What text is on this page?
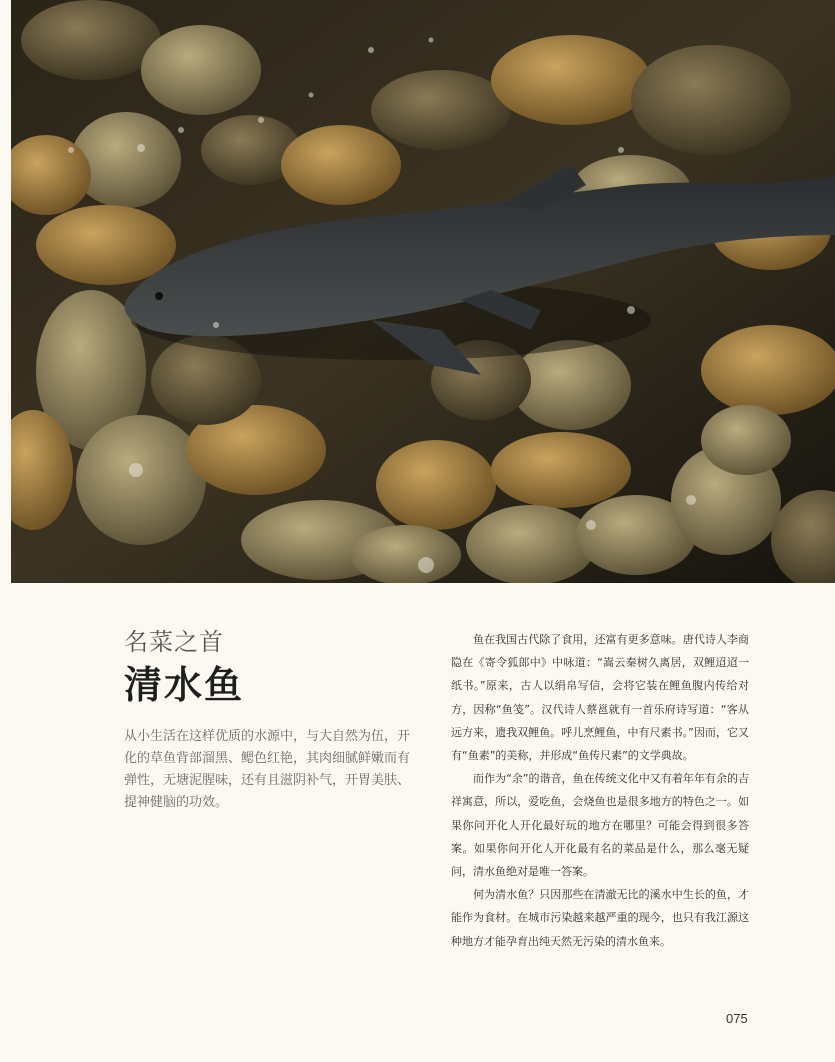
名菜之首
清水鱼
从小生活在这样优质的水源中，与大自然为伍，开化的草鱼背部溜黑、鳃色红艳，其肉细腻鲜嫩而有弹性，无塘泥腥味，还有且滋阴补气，开胃美肤、提神健脑的功效。

鱼在我国古代除了食用，还富有更多意味。唐代诗人李商隐在《寄令狐郎中》中咏道：“嵩云秦树久离居，双鲤迢迢一纸书。”原来，古人以绢帛写信，会将它装在鲤鱼腹内传给对方，因称“鱼笺”。汉代诗人蔡邕就有一首乐府诗写道：“客从远方来，遗我双鲤鱼。呼儿烹鲤鱼，中有尺素书。”因而，它又有“鱼素”的美称，并形成“鱼传尺素”的文学典故。

而作为“余”的谐音，鱼在传统文化中又有着年年有余的吉祥寓意，所以，爱吃鱼，会烧鱼也是很多地方的特色之一。如果你问开化人开化最好玩的地方在哪里？可能会得到很多答案。如果你问开化人开化最有名的菜品是什么，那么毫无疑问，清水鱼绝对是唯一答案。

何为清水鱼？只因那些在清澈无比的溪水中生长的鱼，才能作为食材。在城市污染越来越严重的现今，也只有我江源这种地方才能孕育出纯天然无污染的清水鱼来。

075
